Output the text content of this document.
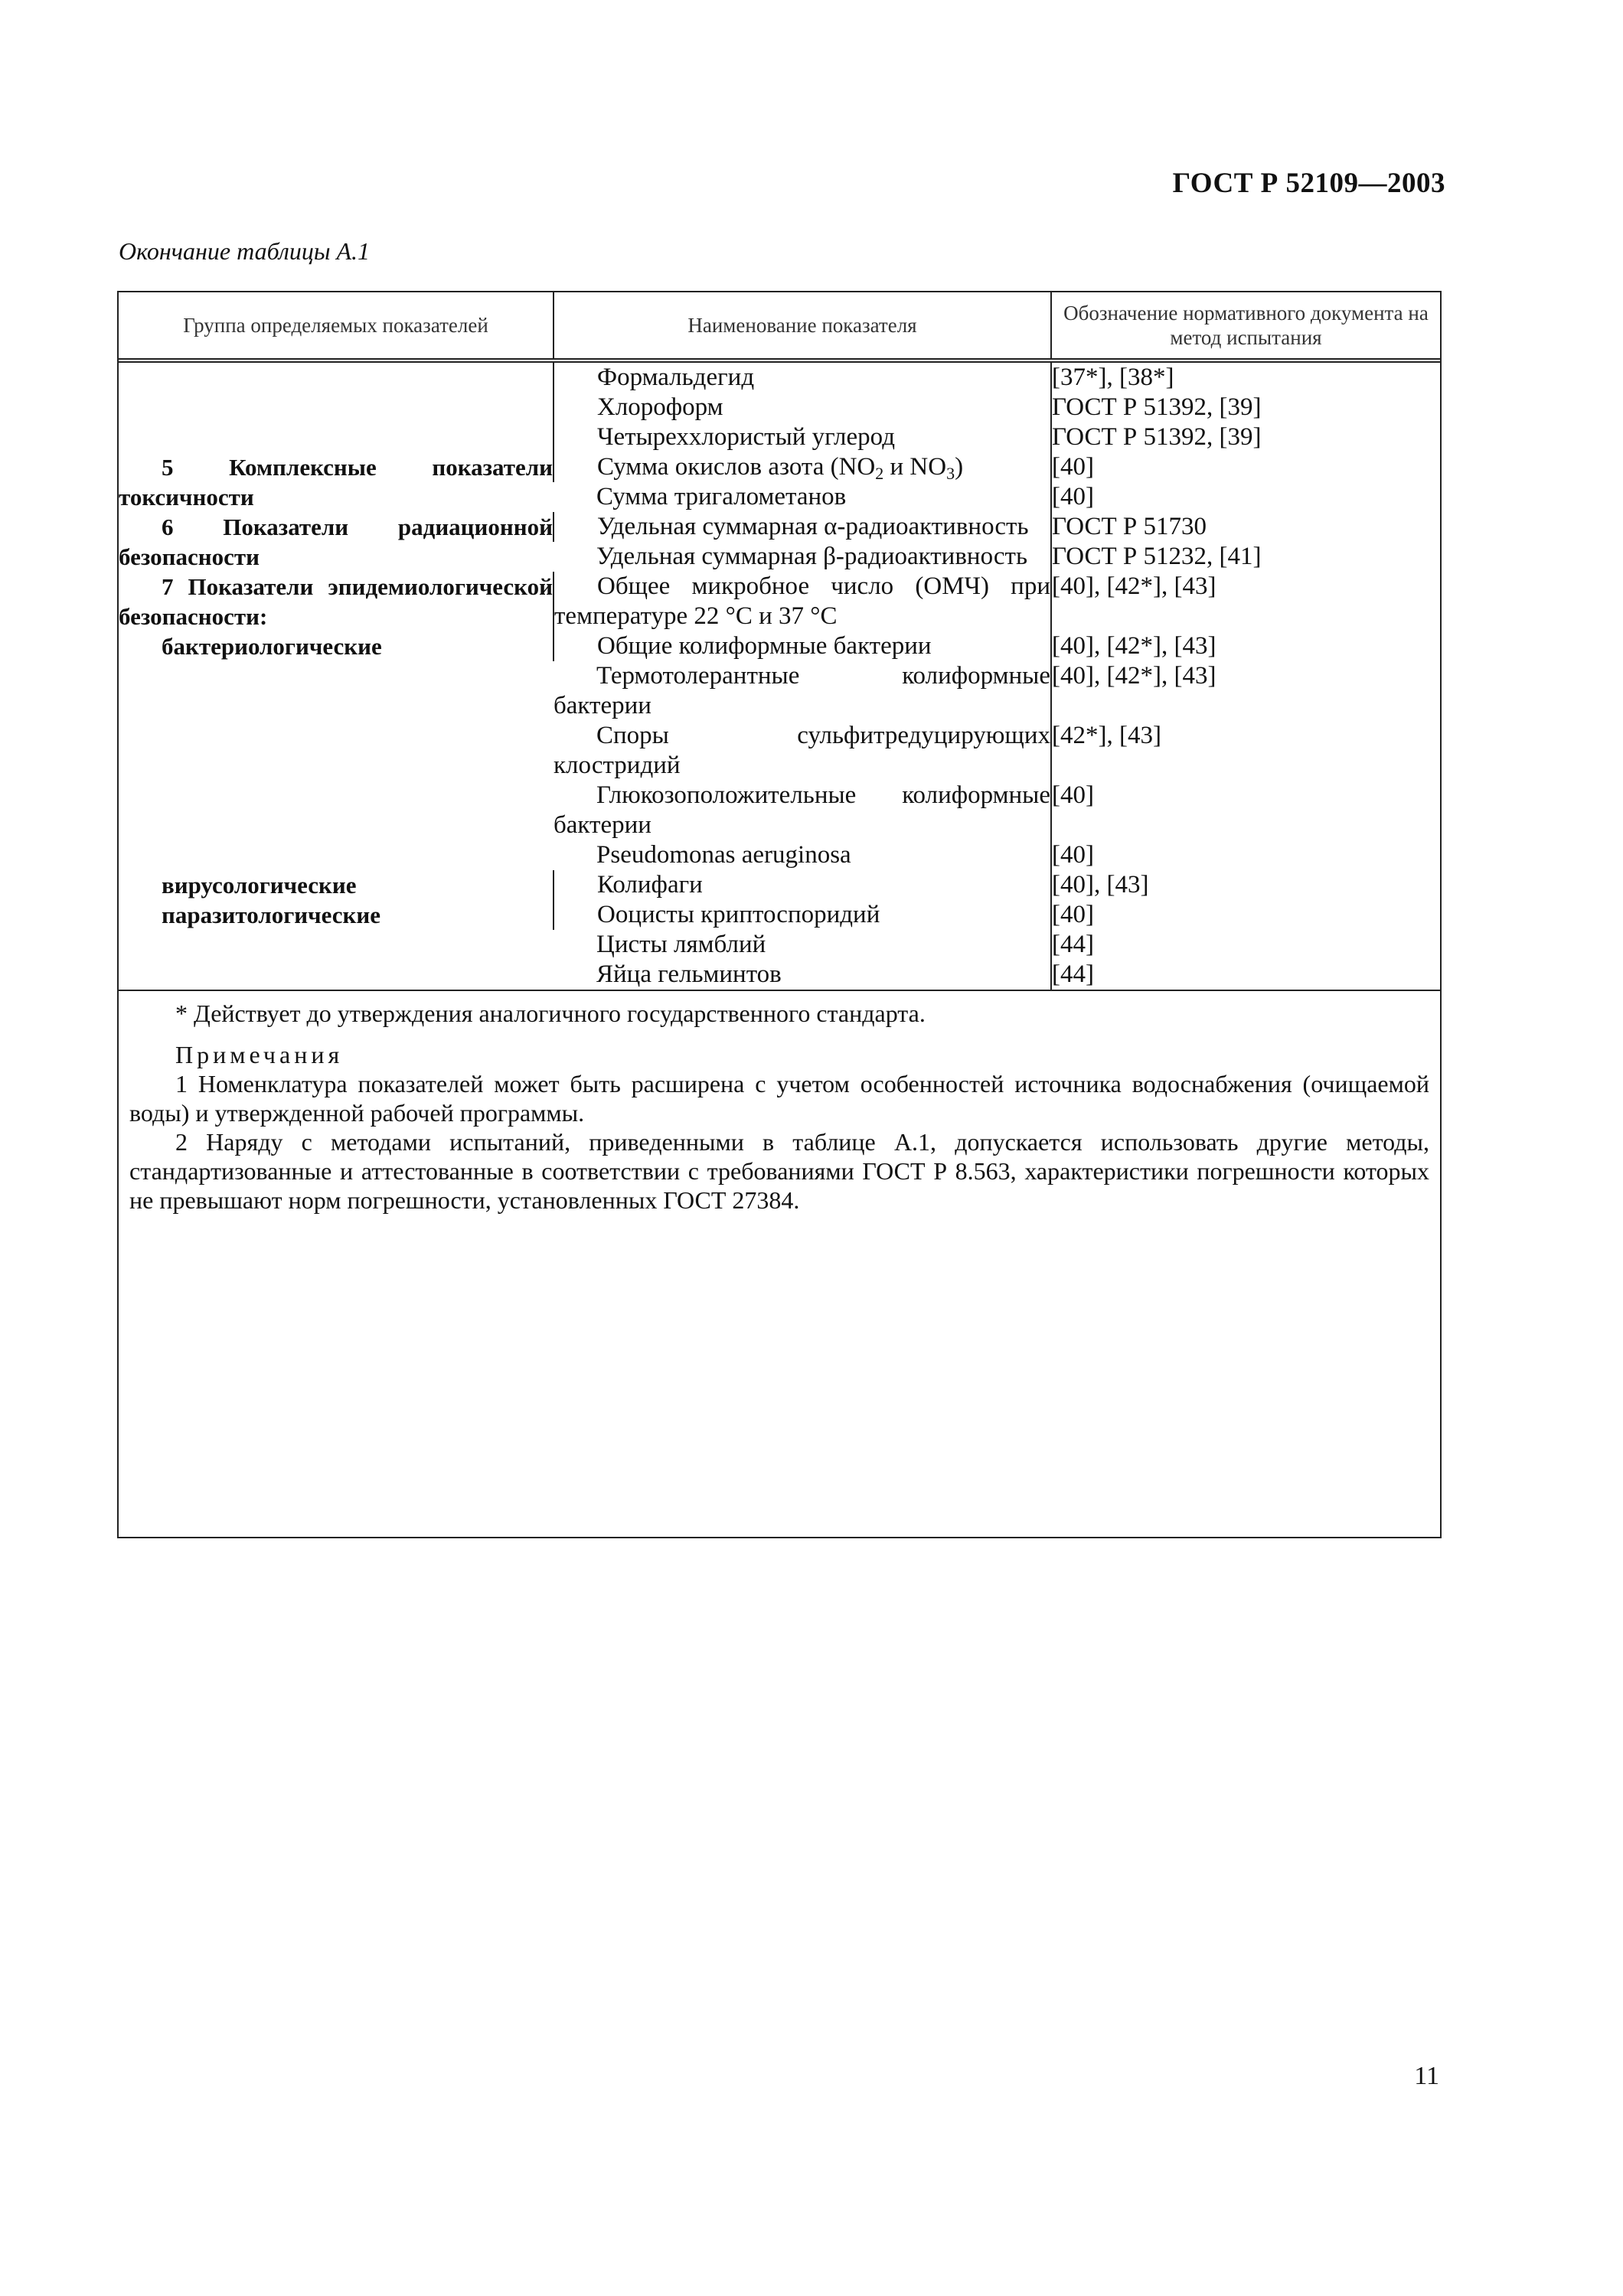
ГОСТ Р 52109—2003
Окончание таблицы А.1
Группа определяемых показателей	Наименование показателя	Обозначение нормативного документа на метод испытания
	Формальдегид	[37*], [38*]
	Хлороформ	ГОСТ Р 51392, [39]
	Четыреххлористый углерод	ГОСТ Р 51392, [39]
5 Комплексные показатели токсичности	Сумма окислов азота ($NO_2$ и $NO_3$)	[40]
	Сумма тригалометанов	[40]
6 Показатели радиационной безопасности	Удельная суммарная α-радиоактивность	ГОСТ Р 51730
	Удельная суммарная β-радиоактивность	ГОСТ Р 51232, [41]
7 Показатели эпидемиологической безопасности:	Общее микробное число (ОМЧ) при температуре 22 °С и 37 °С	[40], [42*], [43]
бактериологические	Общие колиформные бактерии	[40], [42*], [43]
	Термотолерантные колиформные бактерии	[40], [42*], [43]
	Споры сульфитредуцирующих клостридий	[42*], [43]
	Глюкозоположительные колиформные бактерии	[40]
	Pseudomonas aeruginosa	[40]
вирусологические	Колифаги	[40], [43]
паразитологические	Ооцисты криптоспоридий	[40]
	Цисты лямблий	[44]
	Яйца гельминтов	[44]

* Действует до утверждения аналогичного государственного стандарта.

Примечания

1 Номенклатура показателей может быть расширена с учетом особенностей источника водоснабжения (очищаемой воды) и утвержденной рабочей программы.

2 Наряду с методами испытаний, приведенными в таблице А.1, допускается использовать другие методы, стандартизованные и аттестованные в соответствии с требованиями ГОСТ Р 8.563, характеристики погрешности которых не превышают норм погрешности, установленных ГОСТ 27384.

11
